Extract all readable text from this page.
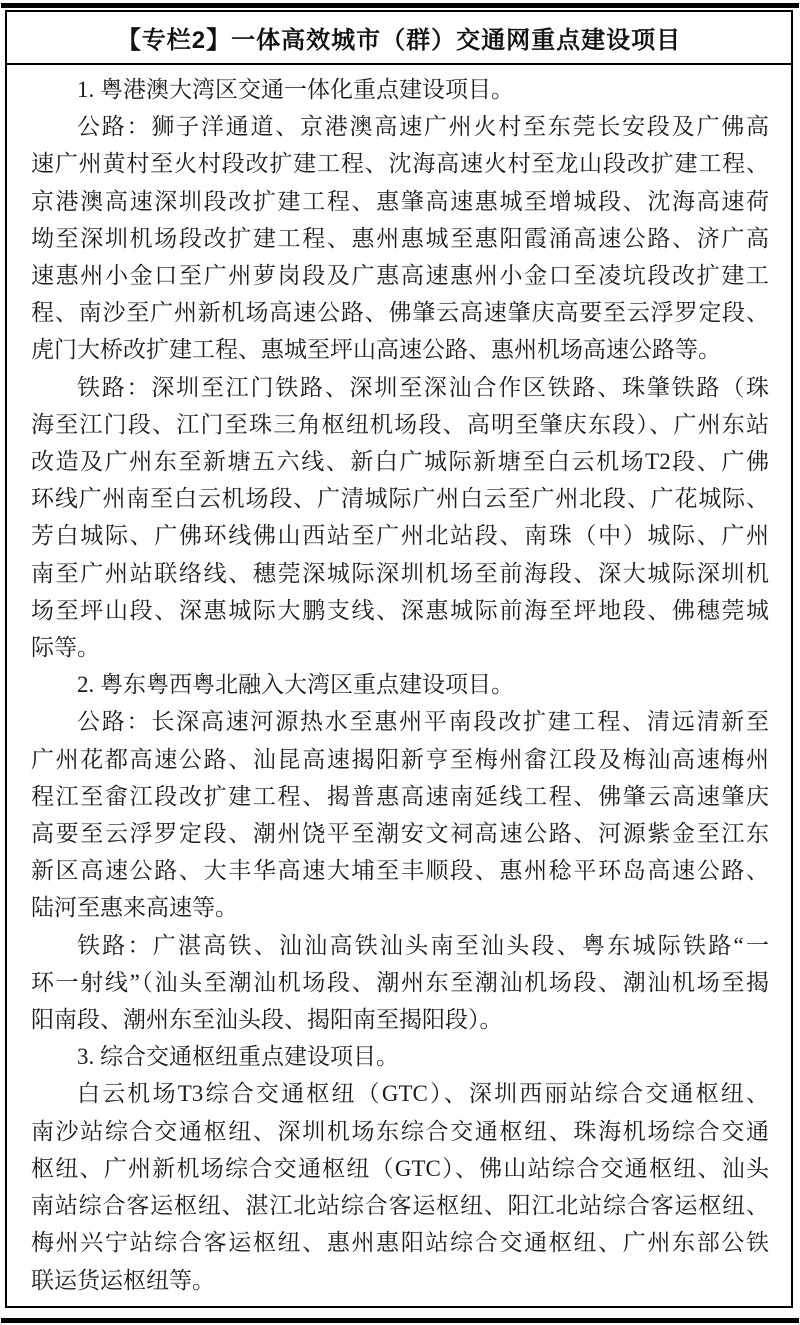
【专栏2】一体高效城市（群）交通网重点建设项目
1. 粤港澳大湾区交通一体化重点建设项目。
公路：狮子洋通道、京港澳高速广州火村至东莞长安段及广佛高
速广州黄村至火村段改扩建工程、沈海高速火村至龙山段改扩建工程、
京港澳高速深圳段改扩建工程、惠肇高速惠城至增城段、沈海高速荷
坳至深圳机场段改扩建工程、惠州惠城至惠阳霞涌高速公路、济广高
速惠州小金口至广州萝岗段及广惠高速惠州小金口至凌坑段改扩建工
程、南沙至广州新机场高速公路、佛肇云高速肇庆高要至云浮罗定段、
虎门大桥改扩建工程、惠城至坪山高速公路、惠州机场高速公路等。
铁路：深圳至江门铁路、深圳至深汕合作区铁路、珠肇铁路（珠
海至江门段、江门至珠三角枢纽机场段、高明至肇庆东段）、广州东站
改造及广州东至新塘五六线、新白广城际新塘至白云机场T2段、广佛
环线广州南至白云机场段、广清城际广州白云至广州北段、广花城际、
芳白城际、广佛环线佛山西站至广州北站段、南珠（中）城际、广州
南至广州站联络线、穗莞深城际深圳机场至前海段、深大城际深圳机
场至坪山段、深惠城际大鹏支线、深惠城际前海至坪地段、佛穗莞城
际等。
2. 粤东粤西粤北融入大湾区重点建设项目。
公路：长深高速河源热水至惠州平南段改扩建工程、清远清新至
广州花都高速公路、汕昆高速揭阳新亨至梅州畲江段及梅汕高速梅州
程江至畲江段改扩建工程、揭普惠高速南延线工程、佛肇云高速肇庆
高要至云浮罗定段、潮州饶平至潮安文祠高速公路、河源紫金至江东
新区高速公路、大丰华高速大埔至丰顺段、惠州稔平环岛高速公路、
陆河至惠来高速等。
铁路：广湛高铁、汕汕高铁汕头南至汕头段、粤东城际铁路“一
环一射线”（汕头至潮汕机场段、潮州东至潮汕机场段、潮汕机场至揭
阳南段、潮州东至汕头段、揭阳南至揭阳段）。
3. 综合交通枢纽重点建设项目。
白云机场T3综合交通枢纽（GTC）、深圳西丽站综合交通枢纽、
南沙站综合交通枢纽、深圳机场东综合交通枢纽、珠海机场综合交通
枢纽、广州新机场综合交通枢纽（GTC）、佛山站综合交通枢纽、汕头
南站综合客运枢纽、湛江北站综合客运枢纽、阳江北站综合客运枢纽、
梅州兴宁站综合客运枢纽、惠州惠阳站综合交通枢纽、广州东部公铁
联运货运枢纽等。
